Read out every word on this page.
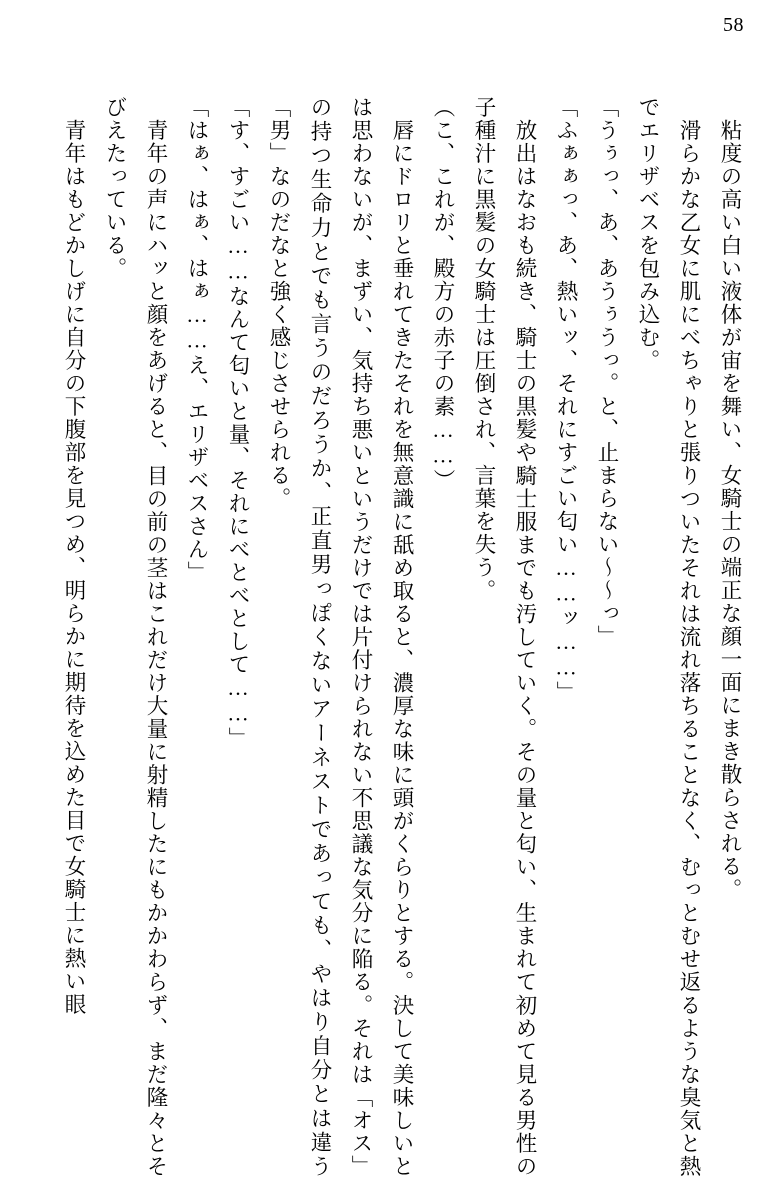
58

　粘度の高い白い液体が宙を舞い、女騎士の端正な顔一面にまき散らされる。

　滑らかな乙女に肌にべちゃりと張りついたそれは流れ落ちることなく、むっとむせ返るような臭気と熱でエリザベスを包み込む。

「うぅっ、あ、あうぅうっ。と、止まらない～～っ」

「ふぁぁっ、あ、熱いッ、それにすごい匂い……ッ……」

　放出はなおも続き、騎士の黒髪や騎士服までも汚していく。その量と匂い、生まれて初めて見る男性の子種汁に黒髪の女騎士は圧倒され、言葉を失う。

（こ、これが、殿方の赤子の素……）

　唇にドロリと垂れてきたそれを無意識に舐め取ると、濃厚な味に頭がくらりとする。決して美味しいとは思わないが、まずい、気持ち悪いというだけでは片付けられない不思議な気分に陥る。それは「オス」の持つ生命力とでも言うのだろうか、正直男っぽくないアーネストであっても、やはり自分とは違う「男」なのだなと強く感じさせられる。

「す、すごい……なんて匂いと量、それにべとべとして……」

「はぁ、はぁ、はぁ……え、エリザベスさん」

　青年の声にハッと顔をあげると、目の前の茎はこれだけ大量に射精したにもかかわらず、まだ隆々とそびえたっている。

　青年はもどかしげに自分の下腹部を見つめ、明らかに期待を込めた目で女騎士に熱い眼
